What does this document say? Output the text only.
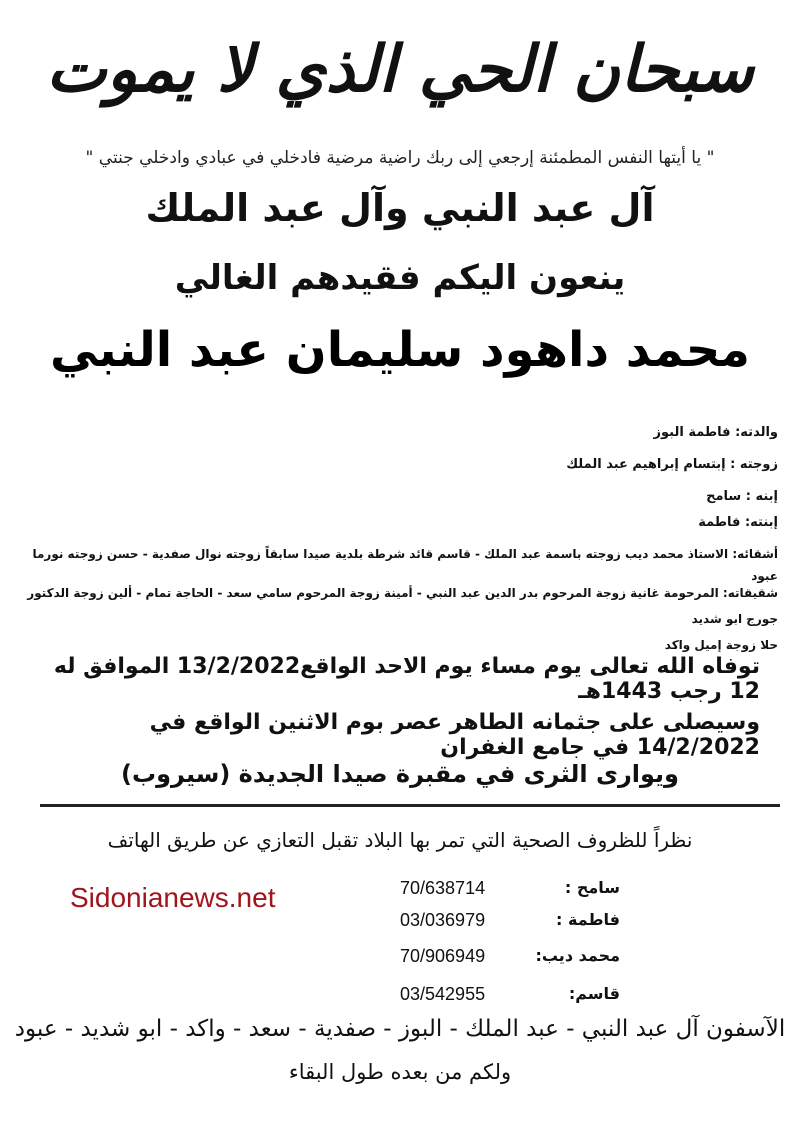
سبحان الحي الذي لا يموت
" يا أيتها النفس المطمئنة إرجعي إلى ربك راضية مرضية فادخلي في عبادي وادخلي جنتي "
آل عبد النبي وآل عبد الملك
ينعون اليكم فقيدهم الغالي
محمد داهود سليمان عبد النبي
والدته: فاطمة البوز
زوجته : إبتسام إبراهيم عبد الملك
إبنه : سامح
إبنته: فاطمة
أشقائه: الاستاذ محمد ديب زوجته باسمة عبد الملك - قاسم قائد شرطة بلدية صيدا سابقاً زوجته نوال صفدية - حسن زوجته نورما عبود
شقيقاته: المرحومة غانية زوجة المرحوم بدر الدين عبد النبي - أمينة زوجة المرحوم سامي سعد - الحاجة تمام - ألين زوجة الدكتور جورج ابو شديد
حلا زوجة إميل واكد
توفاه الله تعالى يوم مساء يوم الاحد الواقع13/2/2022 الموافق له 12 رجب 1443هـ
وسيصلى على جثمانه الطاهر عصر بوم الاثنين الواقع في 14/2/2022 في جامع الغفران
ويوارى الثرى في مقبرة صيدا الجديدة (سيروب)
نظراً للظروف الصحية التي تمر بها البلاد تقبل التعازي عن طريق الهاتف
Sidonianews.net	سامح :
70/638714
فاطمة :
03/036979
محمد ديب:
70/906949
قاسم:
03/542955
الآسفون آل عبد النبي - عبد الملك - البوز - صفدية - سعد - واكد - ابو شديد - عبود
ولكم من بعده طول البقاء
